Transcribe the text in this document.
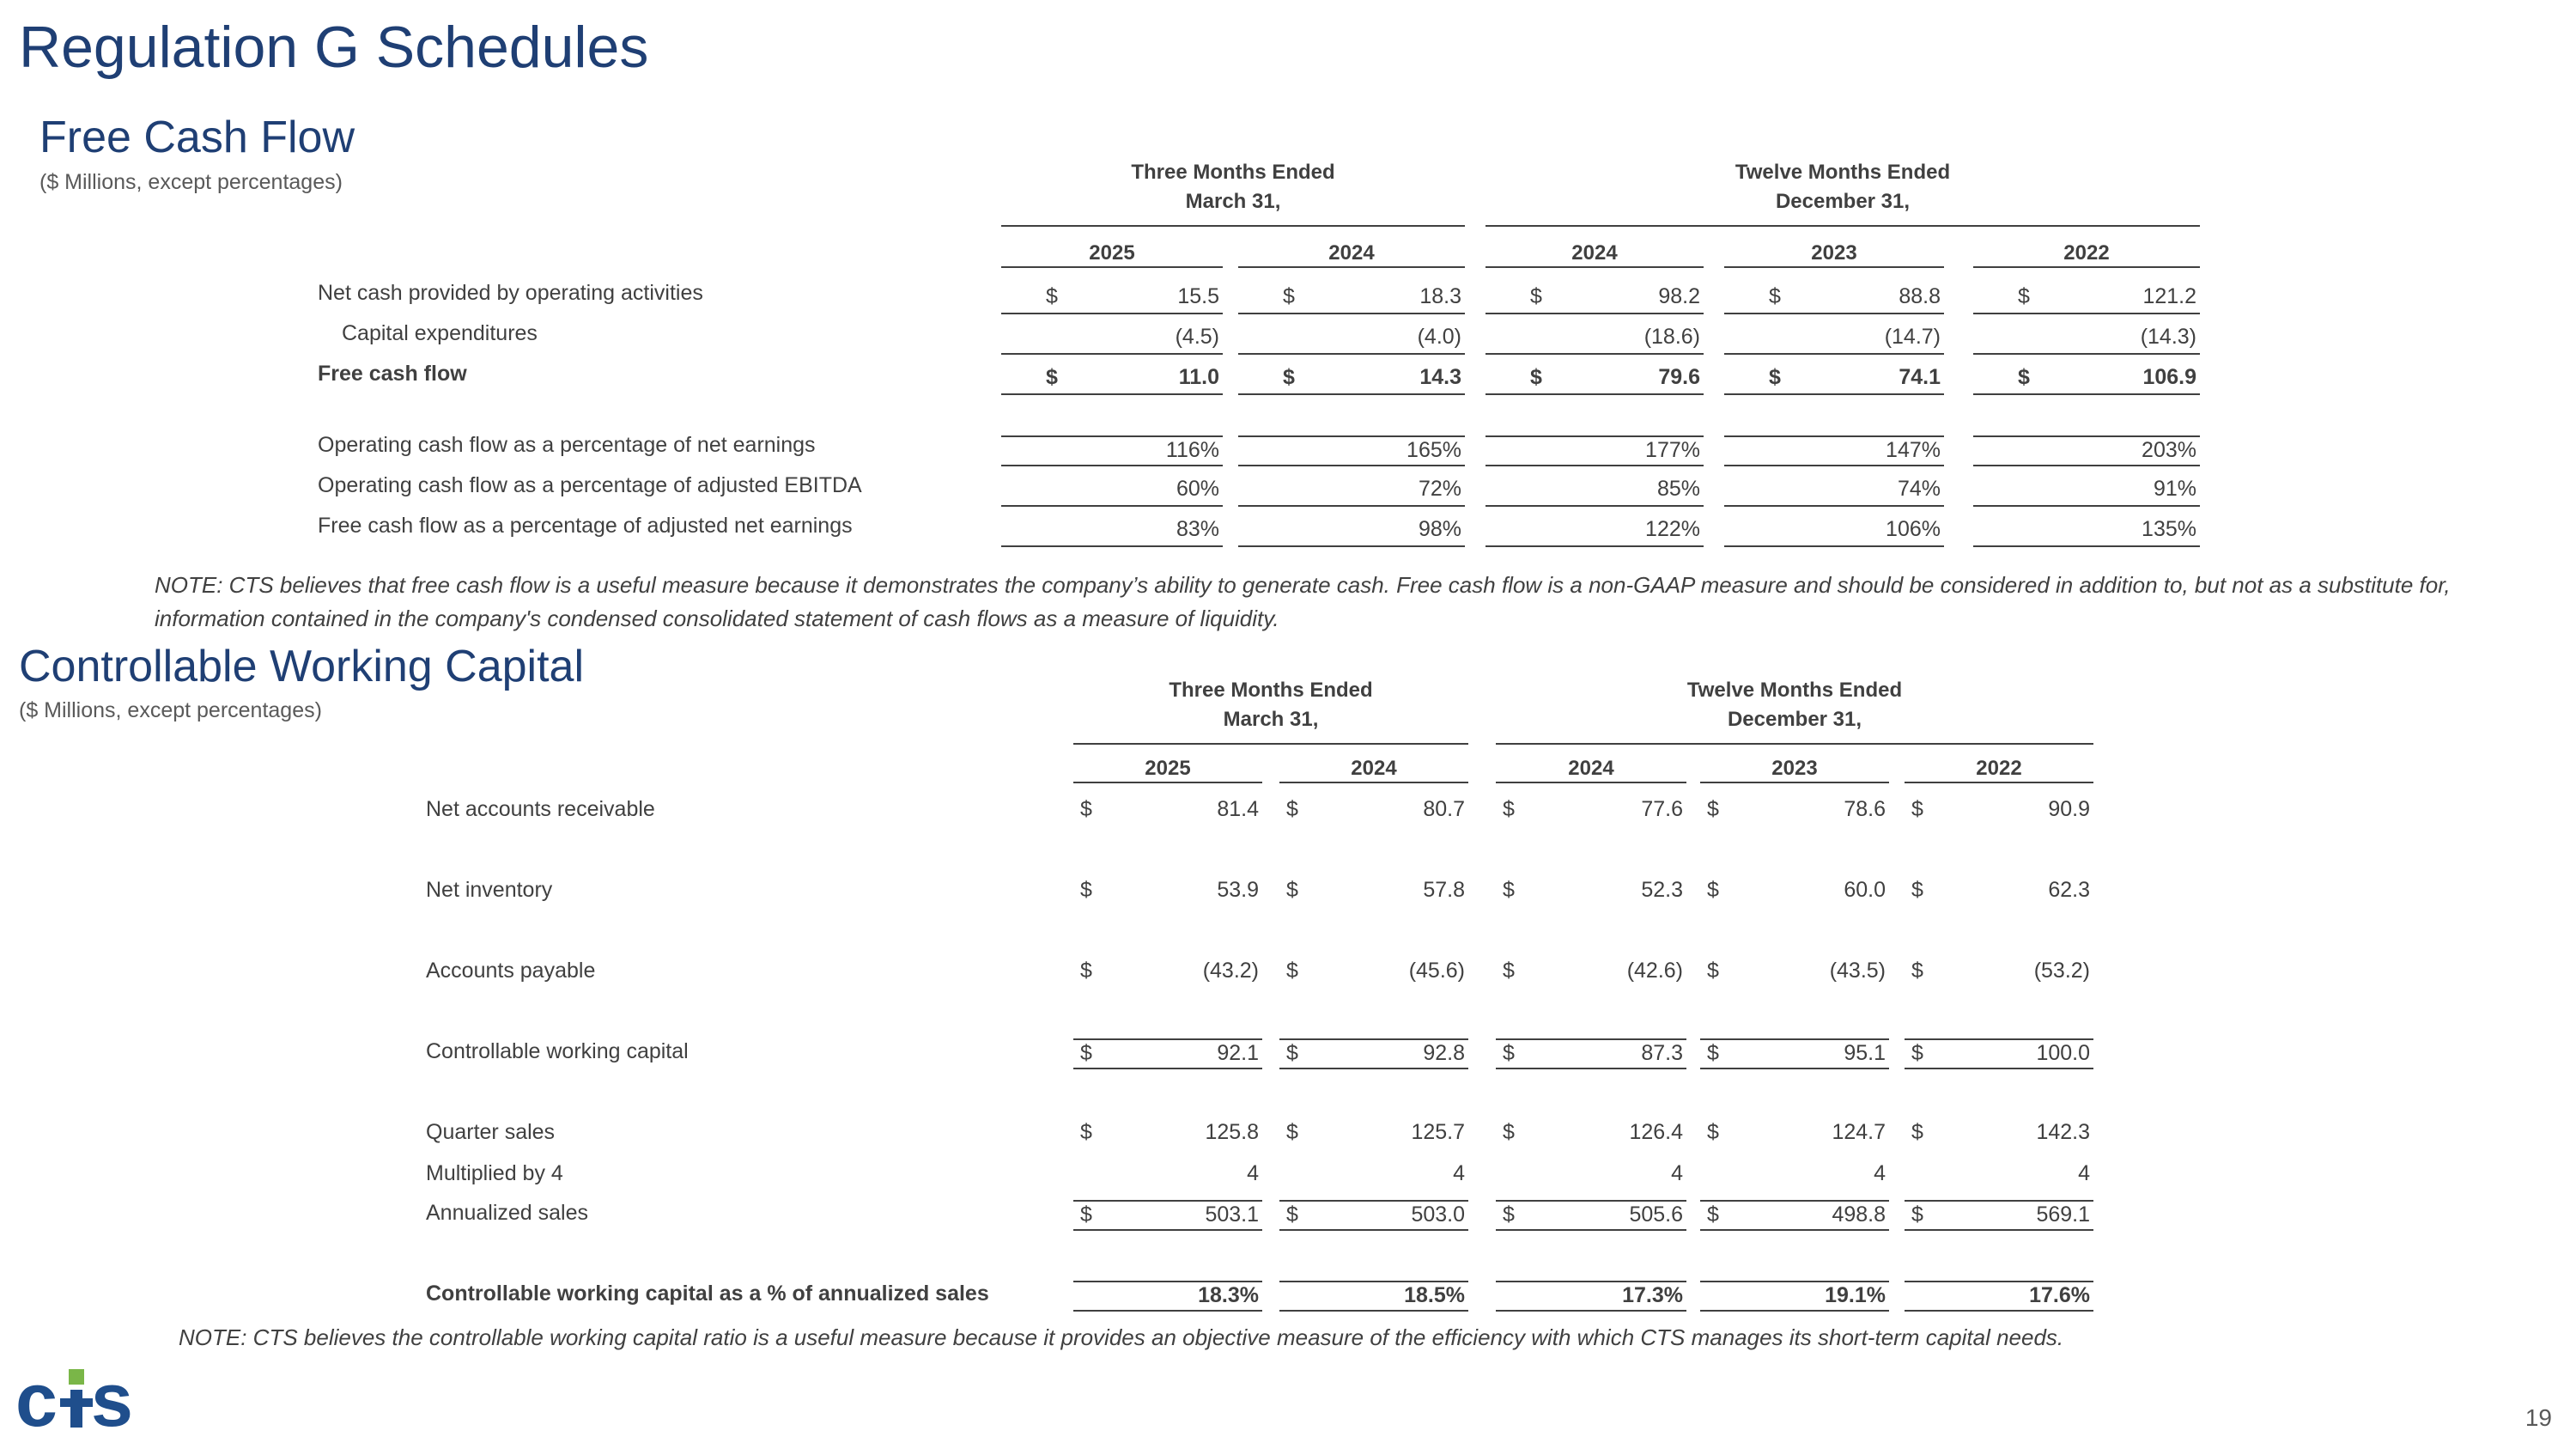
Regulation G Schedules
Free Cash Flow
($ Millions, except percentages)	Three Months Ended
March 31,
Twelve Months Ended
December 31,
2025	2024	2024	2023	2022
Net cash provided by operating activities	$	15.5	$	18.3	$	98.2	$	88.8	$	121.2
Capital expenditures	(4.5)	(4.0)	(18.6)	(14.7)	(14.3)
Free cash flow	$	11.0	$	14.3	$	79.6	$	74.1	$	106.9
Operating cash flow as a percentage of net earnings	116%	165%	177%	147%	203%
Operating cash flow as a percentage of adjusted EBITDA	60%	72%	85%	74%	91%
Free cash flow as a percentage of adjusted net earnings	83%	98%	122%	106%	135%
NOTE: CTS believes that free cash flow is a useful measure because it demonstrates the company’s ability to generate cash. Free cash flow is a non-GAAP measure and should be considered in addition to, but not as a substitute for, information contained in the company's condensed consolidated statement of cash flows as a measure of liquidity.
Controllable Working Capital
($ Millions, except percentages)
Three Months Ended
March 31,
Twelve Months Ended
December 31,
2025	2024	2024	2023	2022
Net accounts receivable	$	81.4 $	80.7 $	77.6 $	78.6 $	90.9
Net inventory	$	53.9 $	57.8 $	52.3 $	60.0 $	62.3
Accounts payable	$	(43.2) $	(45.6) $	(42.6) $	(43.5) $	(53.2)
Controllable working capital	$	92.1 $	92.8 $	87.3 $	95.1 $	100.0
Quarter sales	$	125.8 $	125.7 $	126.4 $	124.7 $	142.3
Multiplied by 4	4	4	4	4	4
Annualized sales	$	503.1 $	503.0 $	505.6 $	498.8 $	569.1
Controllable working capital as a % of annualized sales	18.3%	18.5%	17.3%	19.1%	17.6%
NOTE: CTS believes the controllable working capital ratio is a useful measure because it provides an objective measure of the efficiency with which CTS manages its short-term capital needs.
c s	19
